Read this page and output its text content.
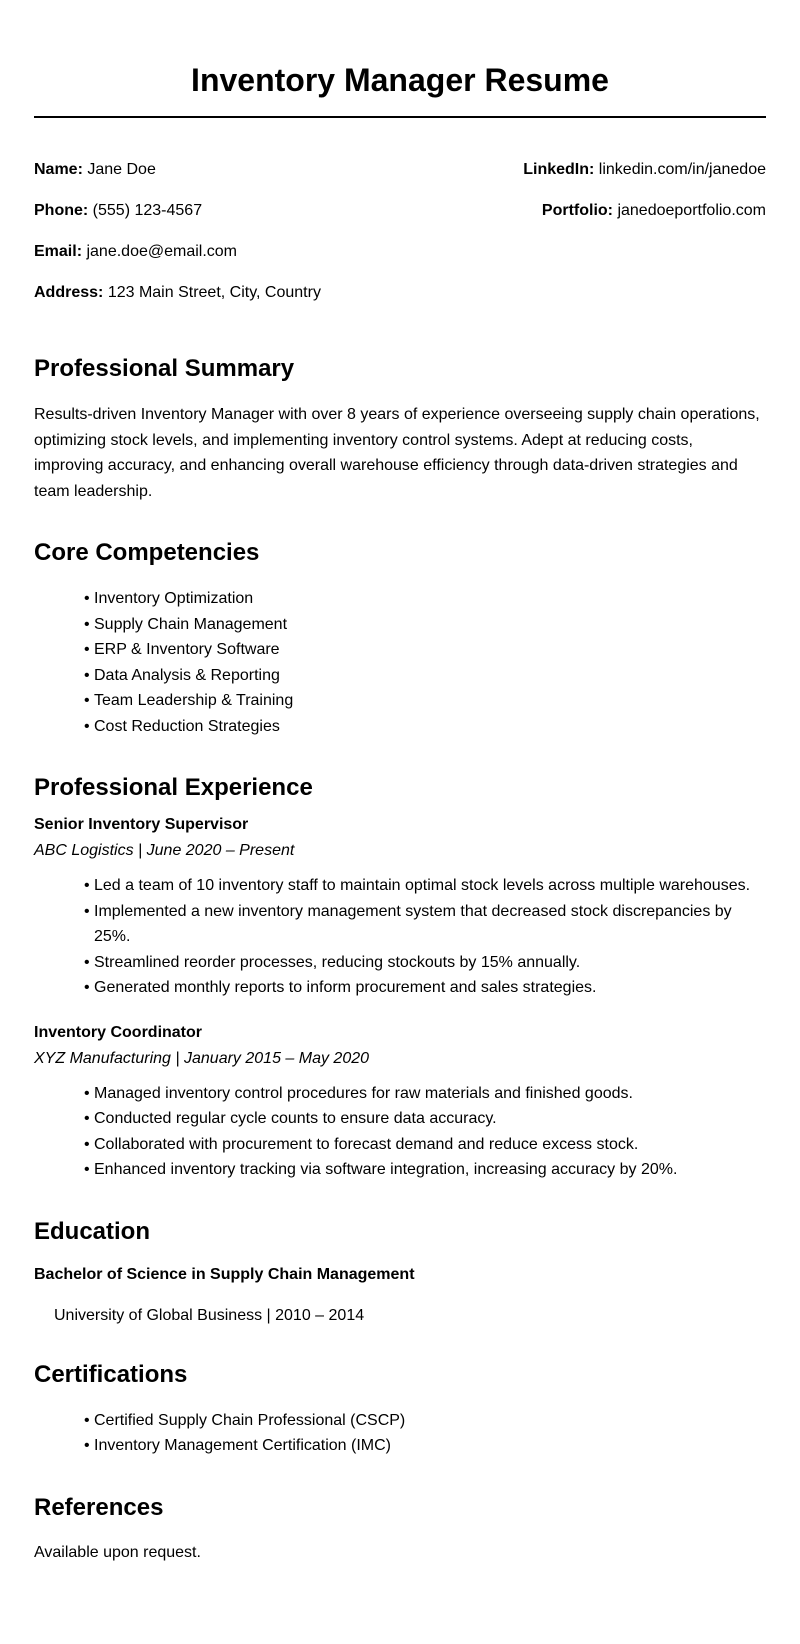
Inventory Manager Resume
Name: Jane Doe
Phone: (555) 123-4567
Email: jane.doe@email.com
Address: 123 Main Street, City, Country
LinkedIn: linkedin.com/in/janedoe
Portfolio: janedoeportfolio.com
Professional Summary

Results-driven Inventory Manager with over 8 years of experience overseeing supply chain operations, optimizing stock levels, and implementing inventory control systems. Adept at reducing costs, improving accuracy, and enhancing overall warehouse efficiency through data-driven strategies and team leadership.

Core Competencies
• Inventory Optimization
• Supply Chain Management
• ERP & Inventory Software
• Data Analysis & Reporting
• Team Leadership & Training
• Cost Reduction Strategies
Professional Experience
Senior Inventory Supervisor
ABC Logistics | June 2020 – Present
• Led a team of 10 inventory staff to maintain optimal stock levels across multiple warehouses.
• Implemented a new inventory management system that decreased stock discrepancies by 25%.
• Streamlined reorder processes, reducing stockouts by 15% annually.
• Generated monthly reports to inform procurement and sales strategies.
Inventory Coordinator
XYZ Manufacturing | January 2015 – May 2020
• Managed inventory control procedures for raw materials and finished goods.
• Conducted regular cycle counts to ensure data accuracy.
• Collaborated with procurement to forecast demand and reduce excess stock.
• Enhanced inventory tracking via software integration, increasing accuracy by 20%.
Education
Bachelor of Science in Supply Chain Management
University of Global Business | 2010 – 2014
Certifications
• Certified Supply Chain Professional (CSCP)
• Inventory Management Certification (IMC)
References

Available upon request.
